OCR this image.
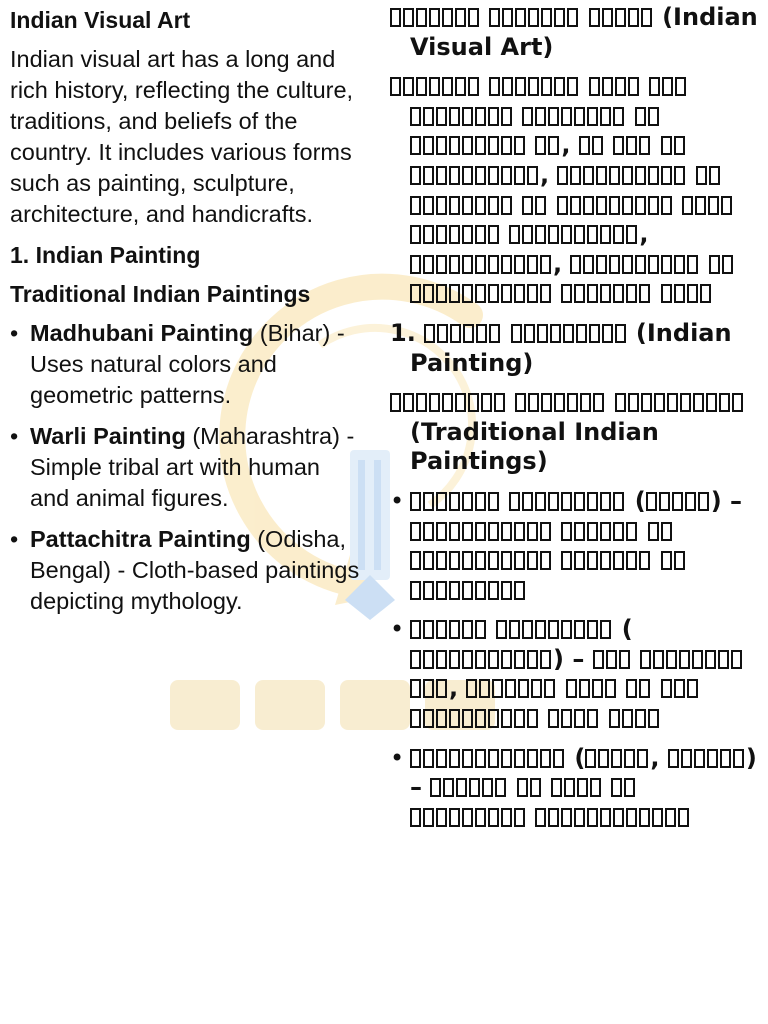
Indian Visual Art

Indian visual art has a long and rich history, reflecting the culture, traditions, and beliefs of the country. It includes various forms such as painting, sculpture, architecture, and handicrafts.

1. Indian Painting
Traditional Indian Paintings
• Madhubani Painting (Bihar) - Uses natural colors and geometric patterns.
• Warli Painting (Maharashtra) - Simple tribal art with human and animal figures.
• Pattachitra Painting (Odisha, Bengal) - Cloth-based paintings depicting mythology.
(Indian Visual Art)
,    ,        , ,
1.	(Indian Painting)
(Traditional Indian Paintings)
•	(	) –
•	() –   ,
•	(	,	) –
